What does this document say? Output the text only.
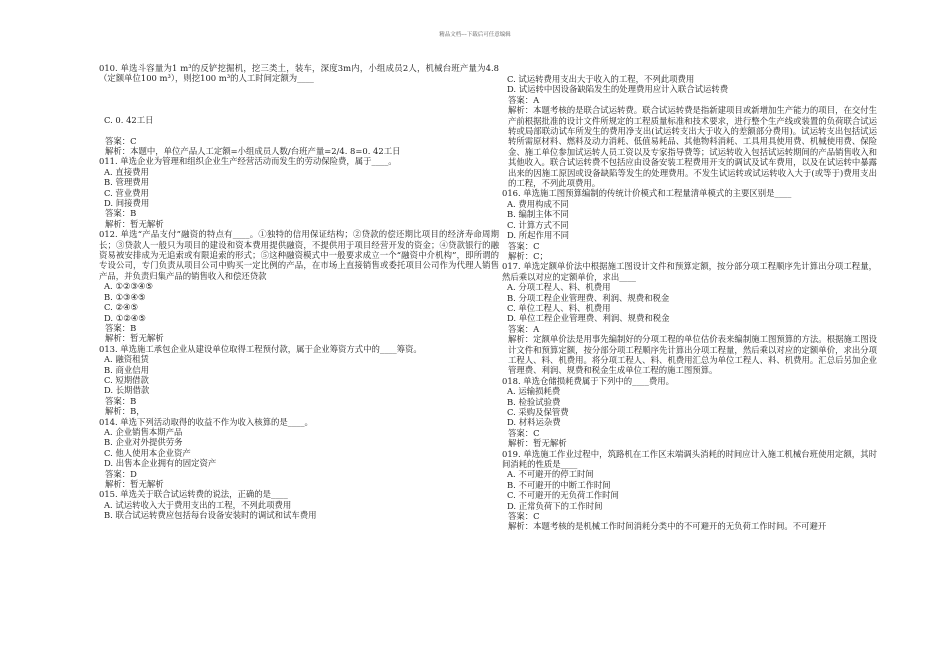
精品文档---下载后可任意编辑
010. 单选斗容量为1 m³的反铲挖掘机，挖三类土，装车，深度3m内，小组成员2人，机械台班产量为4.8（定额单位100 m³），则挖100 m³的人工时间定额为____
C. 0. 42工日
答案：C
解析：本题中，单位产品人工定额=小组成员人数/台班产量=2/4. 8=0. 42工日
011. 单选企业为管理和组织企业生产经营活动而发生的劳动保险费，属于____。
A. 直接费用
B. 管理费用
C. 营业费用
D. 间接费用
答案：B
解析：暂无解析
012. 单选“产品支付”融资的特点有____。①独特的信用保证结构；②贷款的偿还期比项目的经济寿命周期长；③贷款人一般只为项目的建设和资本费用提供融资，不提供用于项目经营开发的资金；④贷款银行的融资易被安排成为无追索或有限追索的形式；⑤这种融资模式中一般要求成立一个“融资中介机构”，即所谓的专设公司，专门负责从项目公司中购买一定比例的产品，在市场上直接销售或委托项目公司作为代理人销售产品，并负责归集产品的销售收入和偿还贷款
A. ①②③④⑤
B. ①③④⑤
C. ②④⑤
D. ①②④⑤
答案：B
解析：暂无解析
013. 单选施工承包企业从建设单位取得工程预付款，属于企业筹资方式中的____筹资。
A. 融资租赁
B. 商业信用
C. 短期借款
D. 长期借款
答案：B
解析：B，
014. 单选下列活动取得的收益不作为收入核算的是____。
A. 企业销售本期产品
B. 企业对外提供劳务
C. 他人使用本企业资产
D. 出售本企业拥有的固定资产
答案：D
解析：暂无解析
015. 单选关于联合试运转费的说法，正确的是____
A. 试运转收入大于费用支出的工程，不列此项费用
B. 联合试运转费应包括每台设备安装时的调试和试车费用
C. 试运转费用支出大于收入的工程，不列此项费用
D. 试运转中因设备缺陷发生的处理费用应计入联合试运转费
答案：A
解析：本题考核的是联合试运转费。联合试运转费是指新建项目或新增加生产能力的项目，在交付生产前根据批准的设计文件所规定的工程质量标准和技术要求，进行整个生产线或装置的负荷联合试运转或局部联动试车所发生的费用净支出(试运转支出大于收入的差额部分费用)。试运转支出包括试运转所需原材料、燃料及动力消耗、低值易耗品、其他物料消耗、工具用具使用费、机械使用费、保险金、施工单位参加试运转人员工资以及专家指导费等；试运转收入包括试运转期间的产品销售收入和其他收入。联合试运转费不包括应由设备安装工程费用开支的调试及试车费用，以及在试运转中暴露出来的因施工原因或设备缺陷等发生的处理费用。不发生试运转或试运转收入大于(或等于)费用支出的工程，不列此项费用。
016. 单选施工图预算编制的传统计价模式和工程量清单模式的主要区别是____
A. 费用构成不同
B. 编制主体不同
C. 计算方式不同
D. 所起作用不同
答案：C
解析：C；
017. 单选定额单价法中根据施工图设计文件和预算定额，按分部分项工程顺序先计算出分项工程量，然后乘以对应的定额单价，求出____
A. 分项工程人、料、机费用
B. 分项工程企业管理费、利润、规费和税金
C. 单位工程人、料、机费用
D. 单位工程企业管理费、利润、规费和税金
答案：A
解析：定额单价法是用事先编制好的分项工程的单位估价表来编制施工图预算的方法。根据施工图设计文件和预算定额，按分部分项工程顺序先计算出分项工程量，然后乘以对应的定额单价，求出分项工程人、料、机费用。将分项工程人、料、机费用汇总为单位工程人、料、机费用。汇总后另加企业管理费、利润、规费和税金生成单位工程的施工图预算。
018. 单选仓储损耗费属于下列中的____费用。
A. 运输损耗费
B. 检验试验费
C. 采购及保管费
D. 材料运杂费
答案：C
解析：暂无解析
019. 单选施工作业过程中，筑路机在工作区末端调头消耗的时间应计入施工机械台班使用定额，其时间消耗的性质是____
A. 不可避开的停工时间
B. 不可避开的中断工作时间
C. 不可避开的无负荷工作时间
D. 正常负荷下的工作时间
答案：C
解析：本题考核的是机械工作时间消耗分类中的不可避开的无负荷工作时间。不可避开
